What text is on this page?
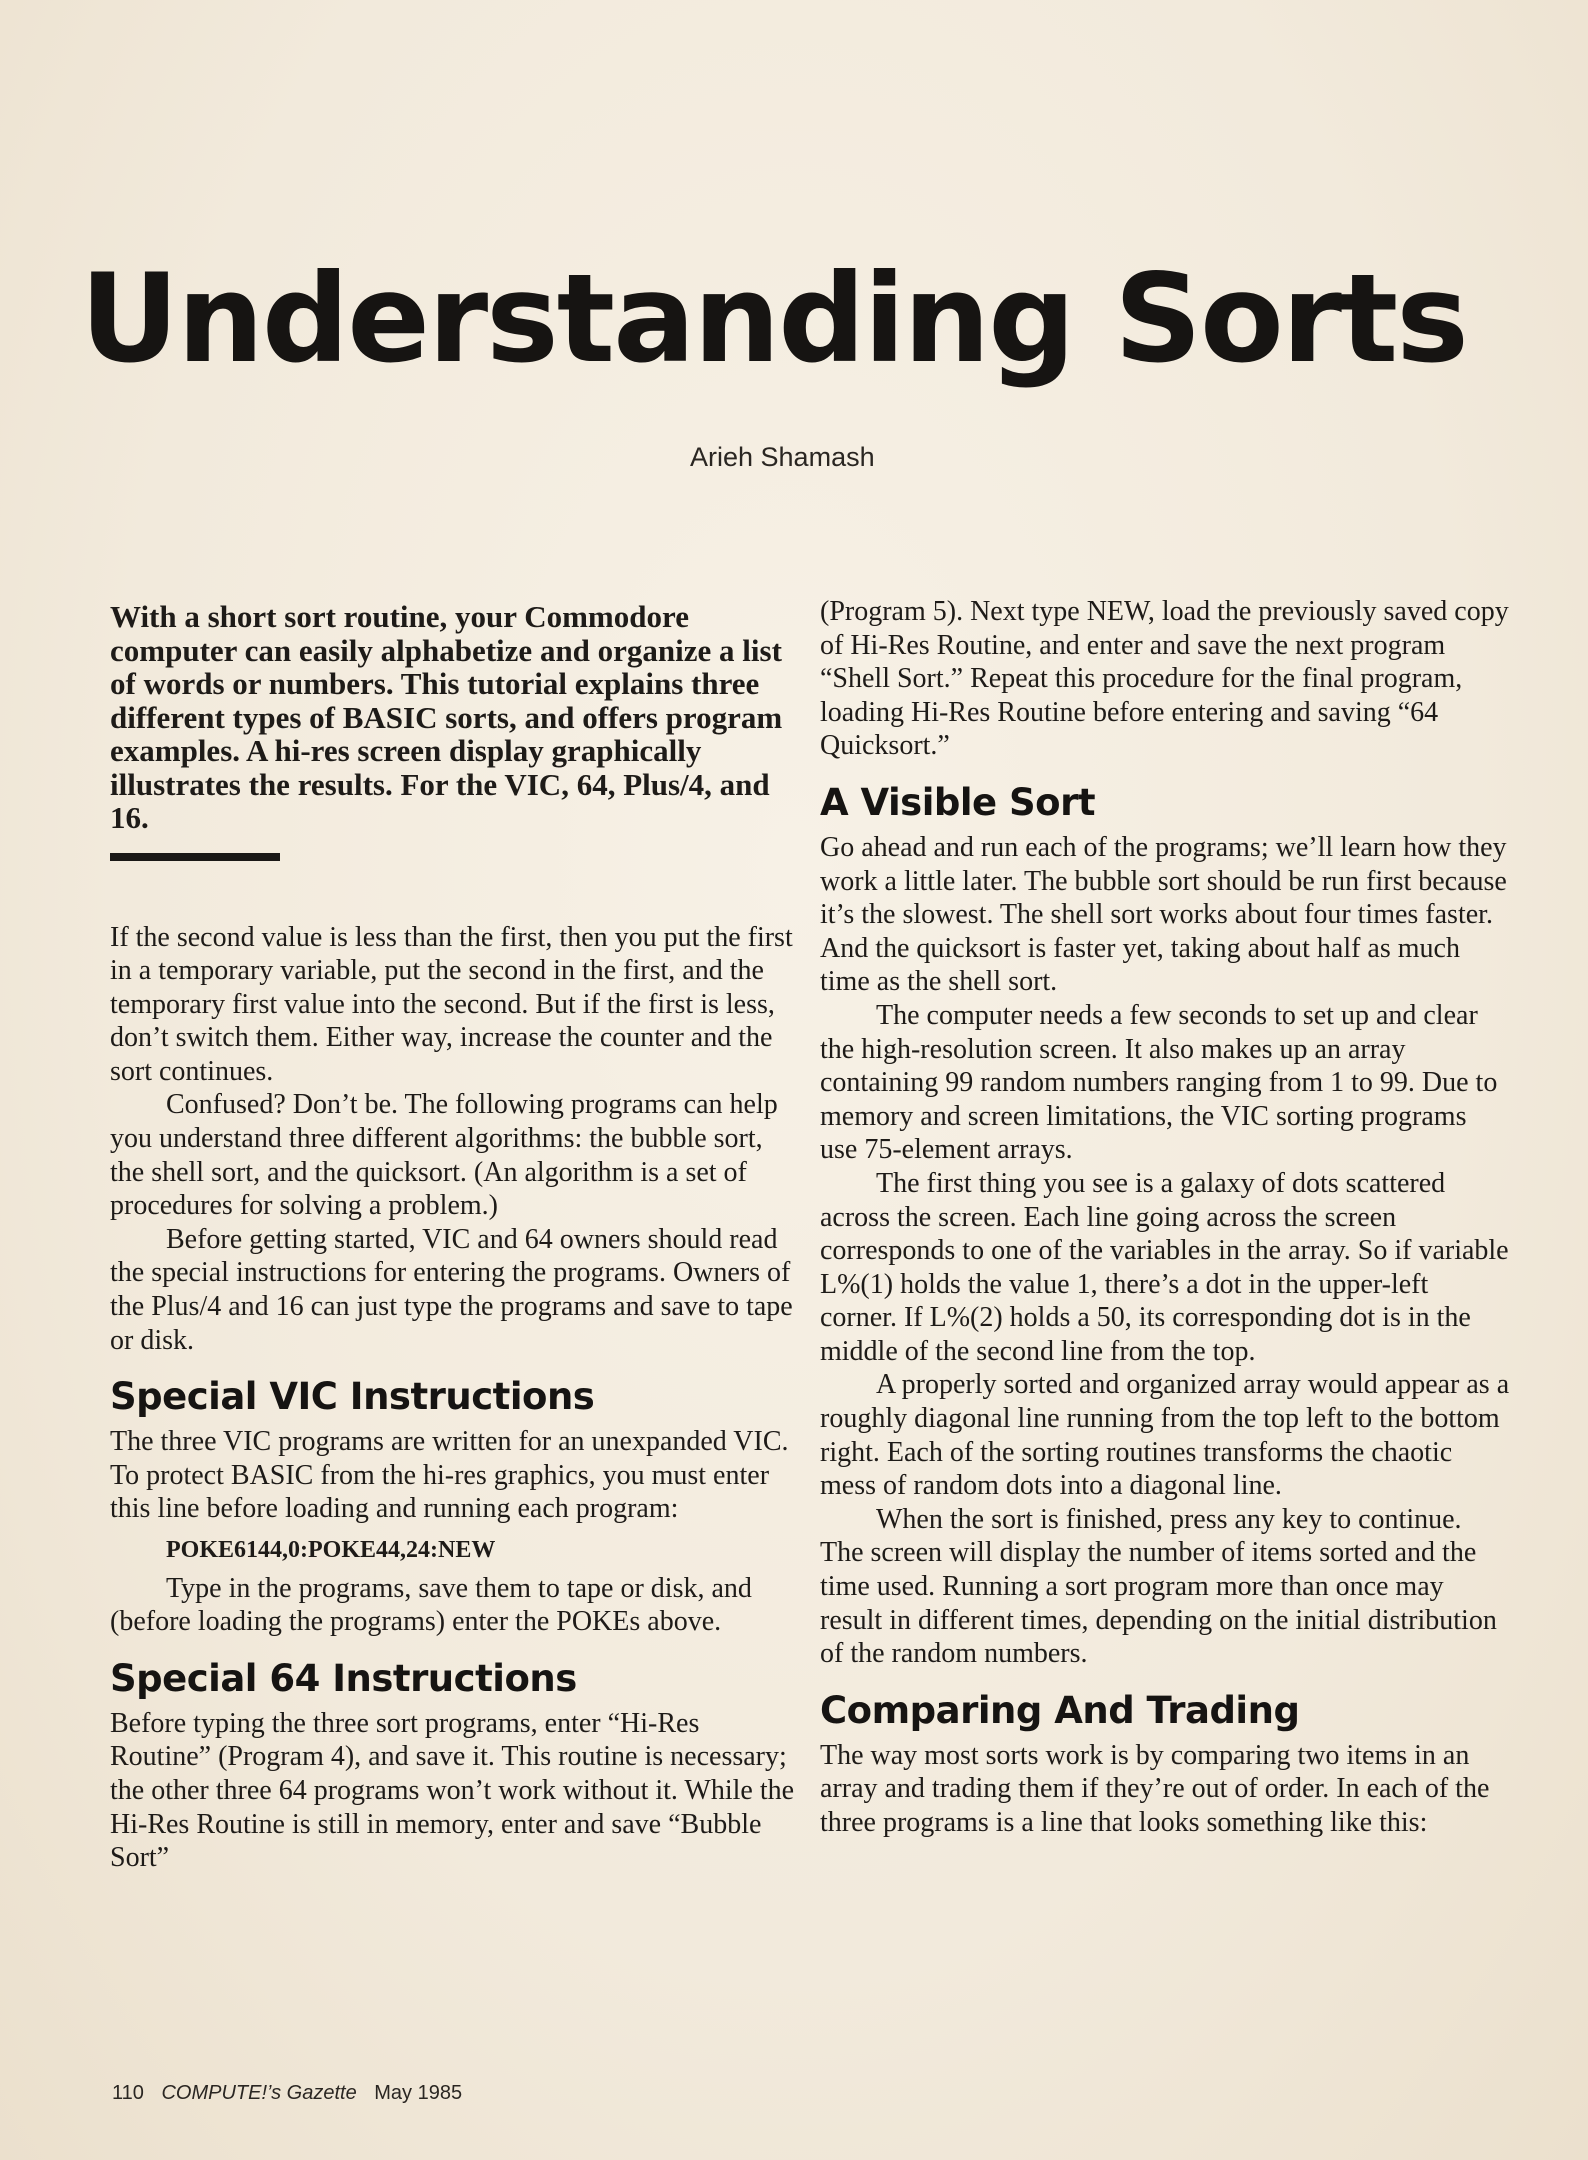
Understanding Sorts
Arieh Shamash

With a short sort routine, your Commodore computer can easily alphabetize and organize a list of words or numbers. This tutorial explains three different types of BASIC sorts, and offers program examples. A hi-res screen display graphically illustrates the results. For the VIC, 64, Plus/4, and 16.

If the second value is less than the first, then you put the first in a temporary variable, put the second in the first, and the temporary first value into the second. But if the first is less, don’t switch them. Either way, increase the counter and the sort continues.

Confused? Don’t be. The following programs can help you understand three different algorithms: the bubble sort, the shell sort, and the quicksort. (An algorithm is a set of procedures for solving a problem.)

Before getting started, VIC and 64 owners should read the special instructions for entering the programs. Owners of the Plus/4 and 16 can just type the programs and save to tape or disk.

Special VIC Instructions

The three VIC programs are written for an unexpanded VIC. To protect BASIC from the hi-res graphics, you must enter this line before loading and running each program:

POKE6144,0:POKE44,24:NEW

Type in the programs, save them to tape or disk, and (before loading the programs) enter the POKEs above.

Special 64 Instructions

Before typing the three sort programs, enter “Hi-Res Routine” (Program 4), and save it. This routine is necessary; the other three 64 programs won’t work without it. While the Hi-Res Routine is still in memory, enter and save “Bubble Sort”

(Program 5). Next type NEW, load the previously saved copy of Hi-Res Routine, and enter and save the next program “Shell Sort.” Repeat this procedure for the final program, loading Hi-Res Routine before entering and saving “64 Quicksort.”

A Visible Sort

Go ahead and run each of the programs; we’ll learn how they work a little later. The bubble sort should be run first because it’s the slowest. The shell sort works about four times faster. And the quicksort is faster yet, taking about half as much time as the shell sort.

The computer needs a few seconds to set up and clear the high-resolution screen. It also makes up an array containing 99 random numbers ranging from 1 to 99. Due to memory and screen limitations, the VIC sorting programs use 75-element arrays.

The first thing you see is a galaxy of dots scattered across the screen. Each line going across the screen corresponds to one of the variables in the array. So if variable L%(1) holds the value 1, there’s a dot in the upper-left corner. If L%(2) holds a 50, its corresponding dot is in the middle of the second line from the top.

A properly sorted and organized array would appear as a roughly diagonal line running from the top left to the bottom right. Each of the sorting routines transforms the chaotic mess of random dots into a diagonal line.

When the sort is finished, press any key to continue. The screen will display the number of items sorted and the time used. Running a sort program more than once may result in different times, depending on the initial distribution of the random numbers.

Comparing And Trading

The way most sorts work is by comparing two items in an array and trading them if they’re out of order. In each of the three programs is a line that looks something like this:

110 COMPUTE!’s Gazette May 1985
